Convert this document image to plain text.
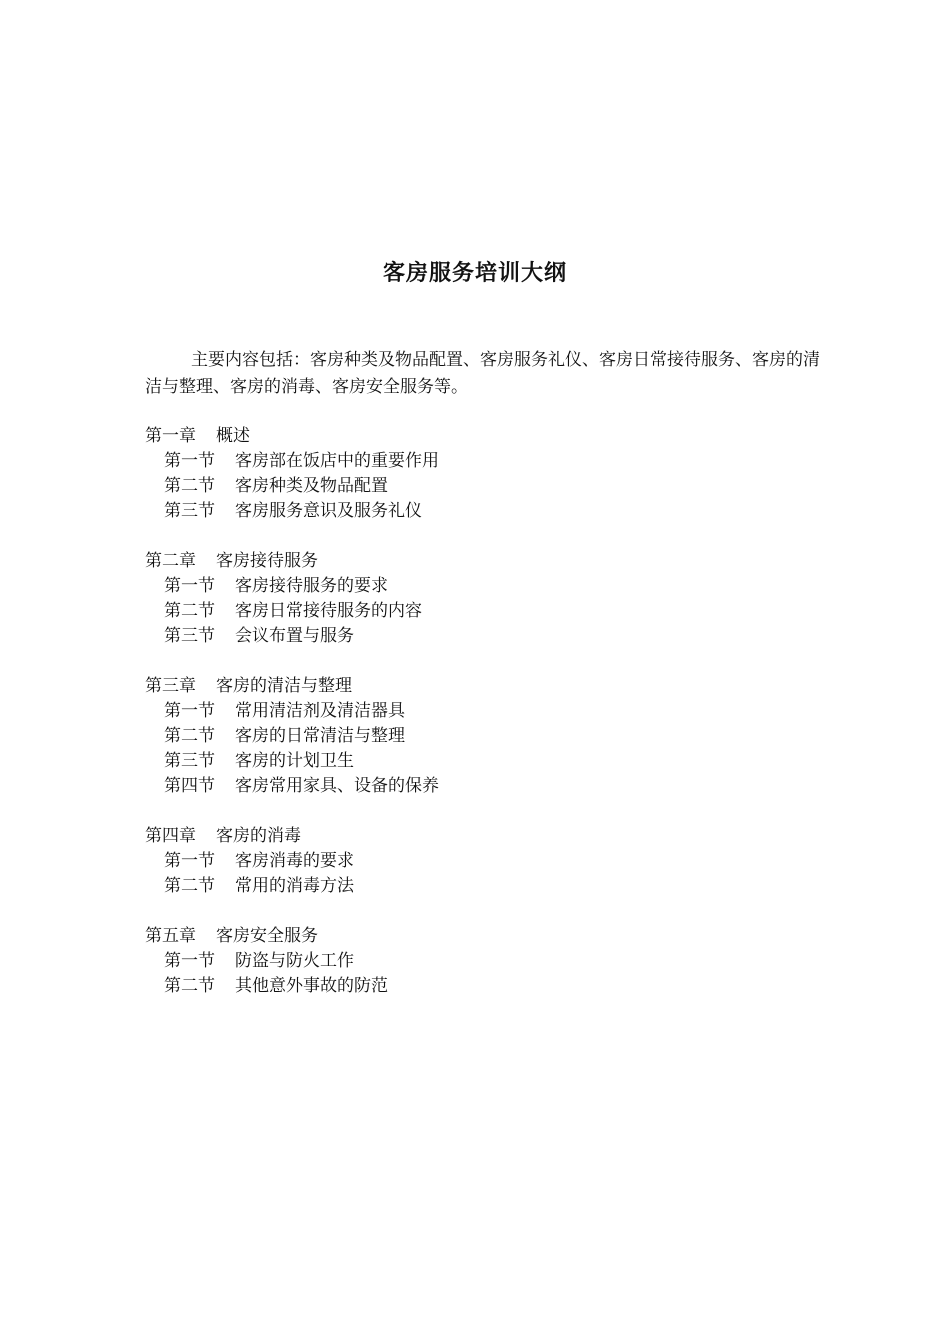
客房服务培训大纲

主要内容包括：客房种类及物品配置、客房服务礼仪、客房日常接待服务、客房的清洁与整理、客房的消毒、客房安全服务等。

第一章 概述
第一节 客房部在饭店中的重要作用
第二节 客房种类及物品配置
第三节 客房服务意识及服务礼仪
第二章 客房接待服务
第一节 客房接待服务的要求
第二节 客房日常接待服务的内容
第三节 会议布置与服务
第三章 客房的清洁与整理
第一节 常用清洁剂及清洁器具
第二节 客房的日常清洁与整理
第三节 客房的计划卫生
第四节 客房常用家具、设备的保养
第四章 客房的消毒
第一节 客房消毒的要求
第二节 常用的消毒方法
第五章 客房安全服务
第一节 防盗与防火工作
第二节 其他意外事故的防范
